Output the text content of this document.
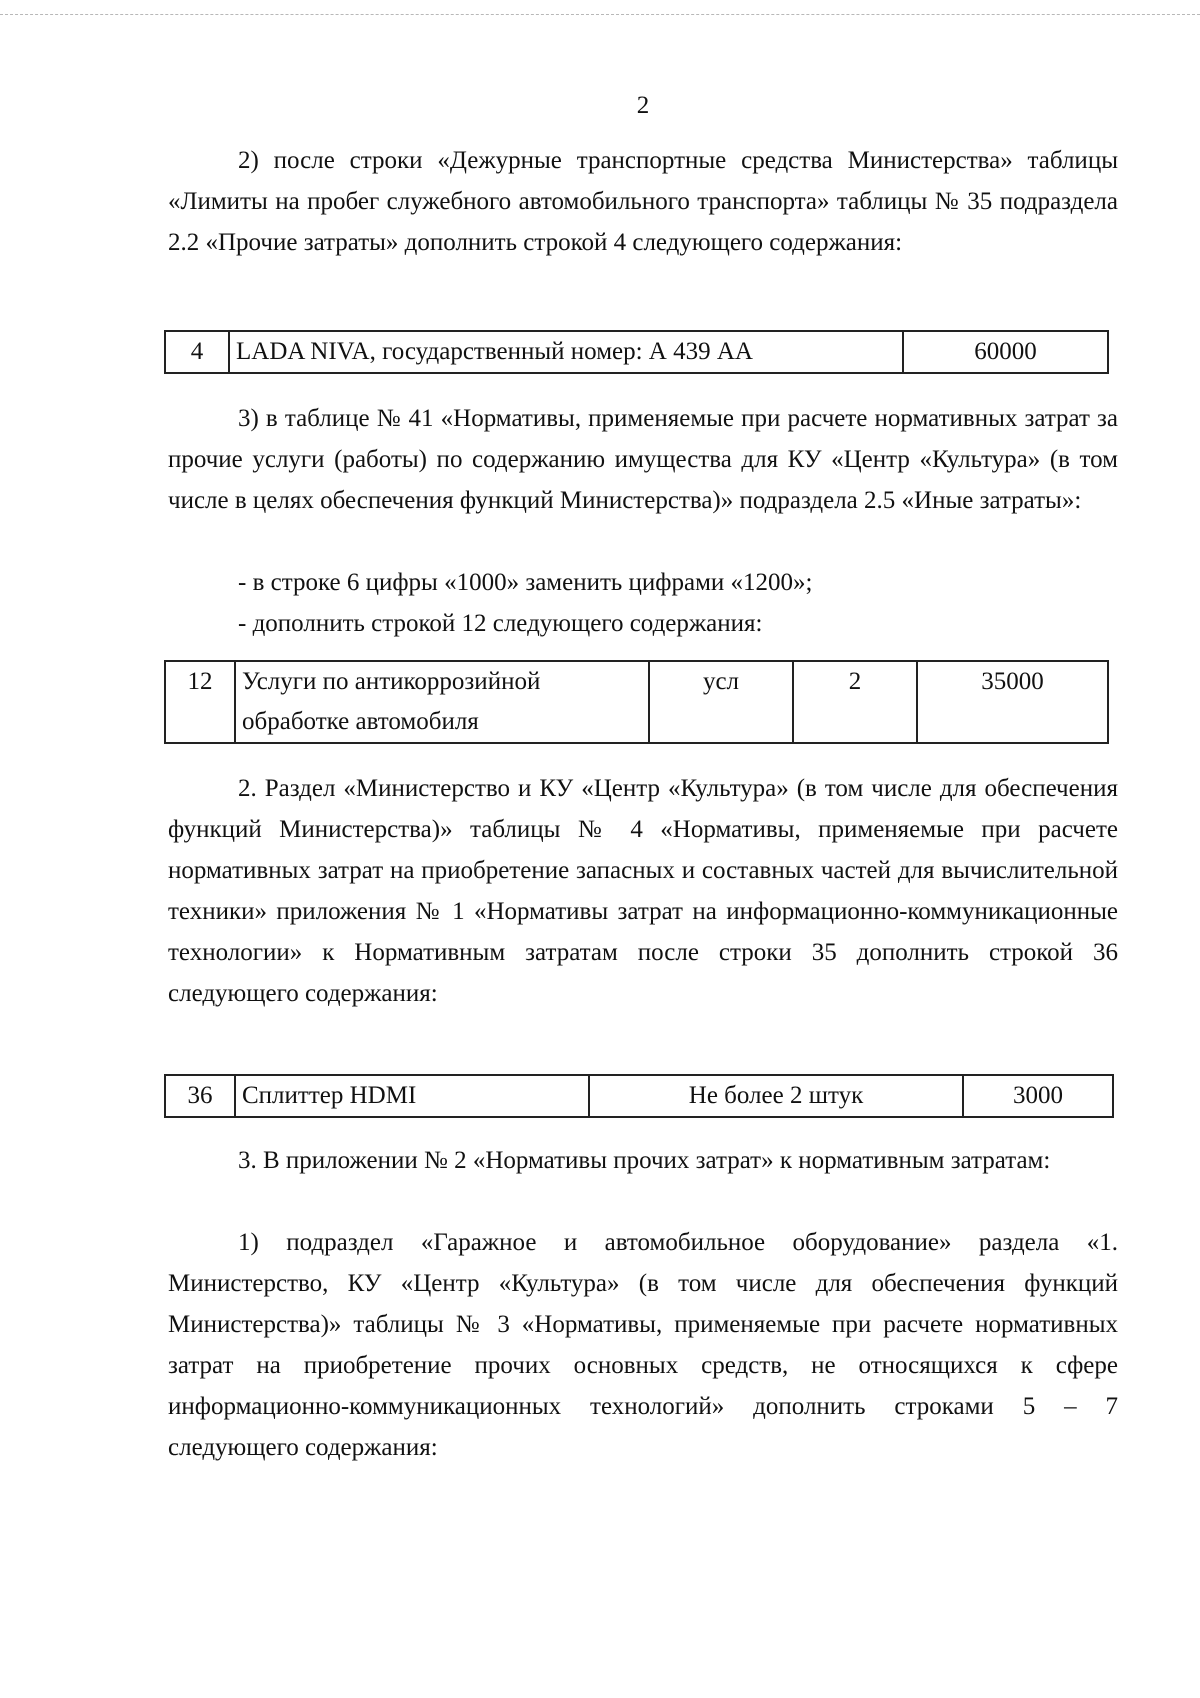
2

2) после строки «Дежурные транспортные средства Министерства» таблицы «Лимиты на пробег служебного автомобильного транспорта» таблицы № 35 подраздела 2.2 «Прочие затраты» дополнить строкой 4 следующего содержания:

4	LADA NIVA, государственный номер: А 439 АА	60000

3) в таблице № 41 «Нормативы, применяемые при расчете нормативных затрат за прочие услуги (работы) по содержанию имущества для КУ «Центр «Культура» (в том числе в целях обеспечения функций Министерства)» подраздела 2.5 «Иные затраты»:

- в строке 6 цифры «1000» заменить цифрами «1200»;

- дополнить строкой 12 следующего содержания:

12	Услуги по антикоррозийной обработке автомобиля	усл	2	35000

2. Раздел «Министерство и КУ «Центр «Культура» (в том числе для обеспечения функций Министерства)» таблицы № 4 «Нормативы, применяемые при расчете нормативных затрат на приобретение запасных и составных частей для вычислительной техники» приложения № 1 «Нормативы затрат на информационно-коммуникационные технологии» к Нормативным затратам после строки 35 дополнить строкой 36 следующего содержания:

36	Сплиттер HDMI	Не более 2 штук	3000

3. В приложении № 2 «Нормативы прочих затрат» к нормативным затратам:

1) подраздел «Гаражное и автомобильное оборудование» раздела «1. Министерство, КУ «Центр «Культура» (в том числе для обеспечения функций Министерства)» таблицы № 3 «Нормативы, применяемые при расчете нормативных затрат на приобретение прочих основных средств, не относящихся к сфере информационно-коммуникационных технологий» дополнить строками 5 – 7 следующего содержания:
